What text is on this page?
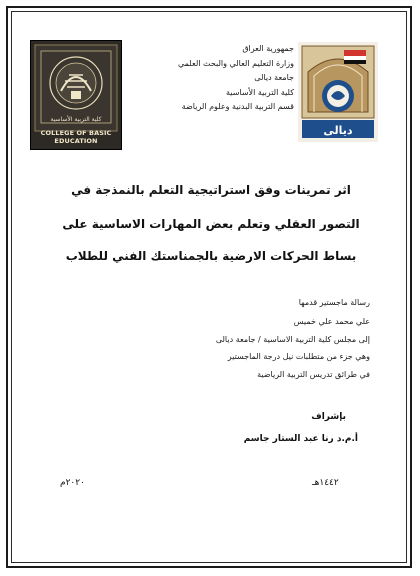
كلية التربية الأساسية
COLLEGE OF BASIC EDUCATION
ديالى
جمهورية العراق
وزارة التعليم العالي والبحث العلمي
جامعة ديالى
كلية التربية الأساسية
قسم التربية البدنية وعلوم الرياضة
اثر تمرينات وفق استراتيجية التعلم بالنمذجة في
التصور العقلي وتعلم بعض المهارات الاساسية على
بساط الحركات الارضية بالجمناستك الفني للطلاب
رسالة ماجستير قدمها
علي محمد علي خميس
إلى مجلس كلية التربية الاساسية / جامعة ديالى
وهي جزء من متطلبات نيل درجة الماجستير
في طرائق تدريس التربية الرياضية
بإشراف
أ.م.د رنا عبد الستار جاسم
١٤٤٢هـ
٢٠٢٠م
